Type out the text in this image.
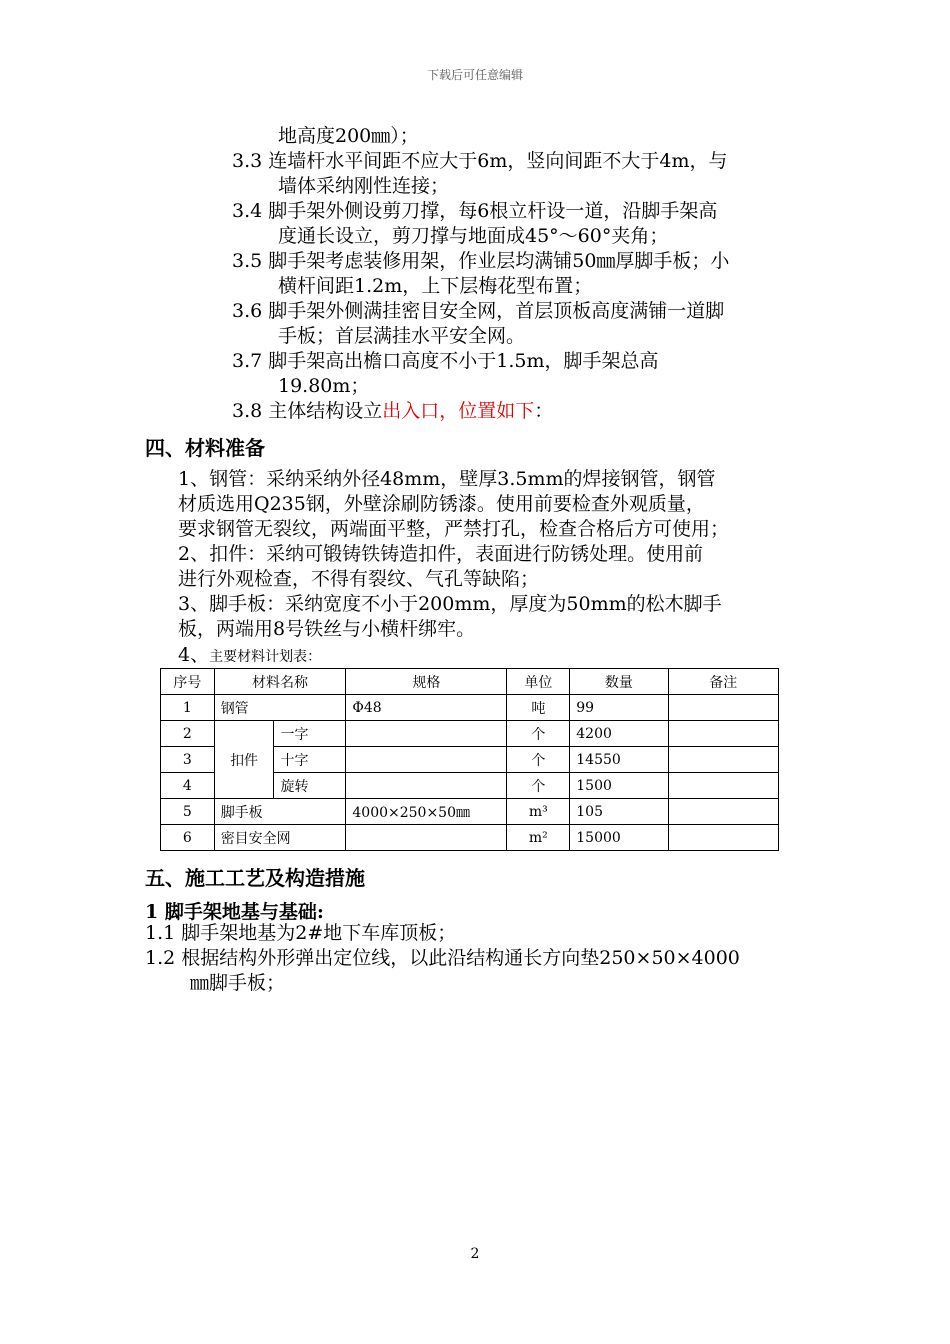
下载后可任意编辑
地高度200㎜）；
3.3 连墙杆水平间距不应大于6m，竖向间距不大于4m，与
墙体采纳刚性连接；
3.4 脚手架外侧设剪刀撑，每6根立杆设一道，沿脚手架高
度通长设立，剪刀撑与地面成45°～60°夹角；
3.5 脚手架考虑装修用架，作业层均满铺50㎜厚脚手板；小
横杆间距1.2m，上下层梅花型布置；
3.6 脚手架外侧满挂密目安全网，首层顶板高度满铺一道脚
手板；首层满挂水平安全网。
3.7 脚手架高出檐口高度不小于1.5m，脚手架总高
19.80m；
3.8 主体结构设立出入口，位置如下：
四、材料准备
1、钢管：采纳采纳外径48mm，壁厚3.5mm的焊接钢管，钢管
材质选用Q235钢，外壁涂刷防锈漆。使用前要检查外观质量，
要求钢管无裂纹，两端面平整，严禁打孔，检查合格后方可使用；
2、扣件：采纳可锻铸铁铸造扣件，表面进行防锈处理。使用前
进行外观检查，不得有裂纹、气孔等缺陷；
3、脚手板：采纳宽度不小于200mm，厚度为50mm的松木脚手
板，两端用8号铁丝与小横杆绑牢。
4、主要材料计划表：
序号	材料名称		规格	单位	数量	备注
1	钢管		Φ48	吨	99	
2	扣件	一字		个	4200	
3		十字		个	14550	
4		旋转		个	1500	
5	脚手板		4000×250×50㎜	m³	105	
6	密目安全网			m²	15000	
五、施工工艺及构造措施
1 脚手架地基与基础:
1.1 脚手架地基为2#地下车库顶板；
1.2 根据结构外形弹出定位线，以此沿结构通长方向垫250×50×4000
㎜脚手板；
2
